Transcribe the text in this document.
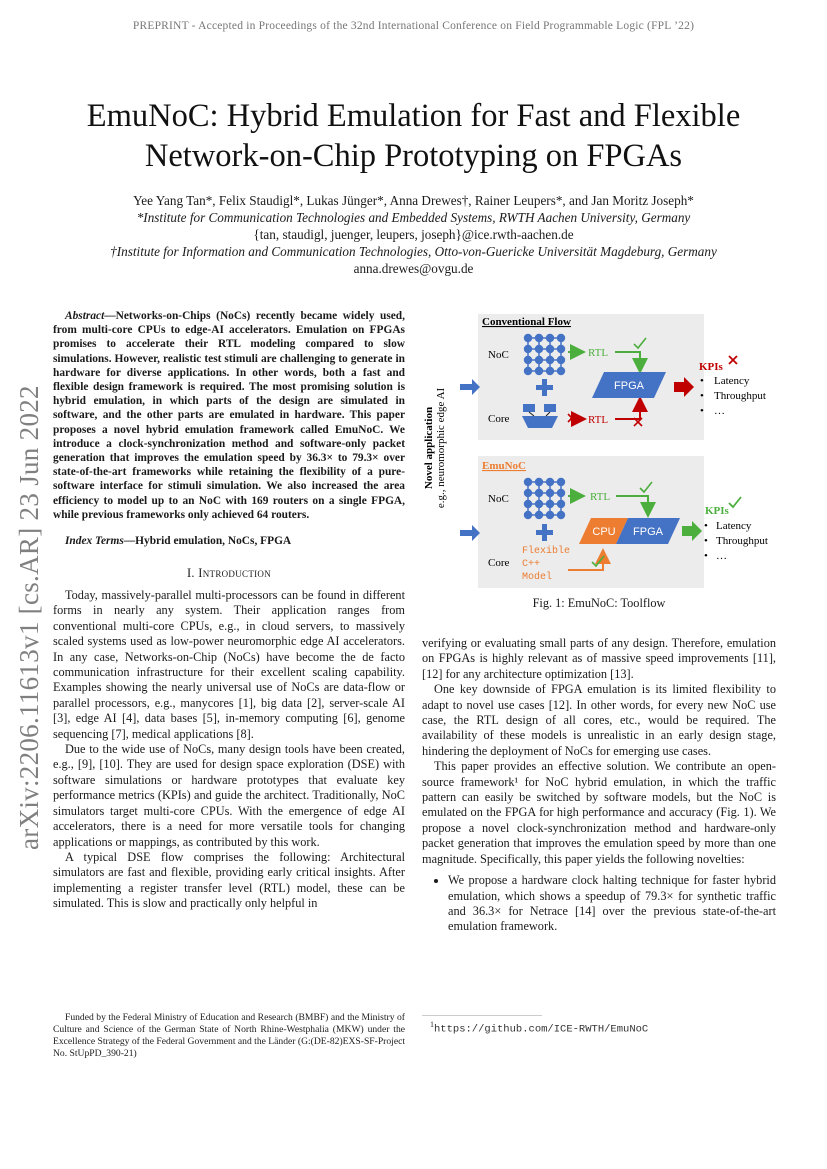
PREPRINT - Accepted in Proceedings of the 32nd International Conference on Field Programmable Logic (FPL ’22)
EmuNoC: Hybrid Emulation for Fast and Flexible
Network-on-Chip Prototyping on FPGAs
Yee Yang Tan*, Felix Staudigl*, Lukas Jünger*, Anna Drewes†, Rainer Leupers*, and Jan Moritz Joseph*
*Institute for Communication Technologies and Embedded Systems, RWTH Aachen University, Germany
{tan, staudigl, juenger, leupers, joseph}@ice.rwth-aachen.de
†Institute for Information and Communication Technologies, Otto-von-Guericke Universität Magdeburg, Germany
anna.drewes@ovgu.de
arXiv:2206.11613v1 [cs.AR] 23 Jun 2022

Abstract—Networks-on-Chips (NoCs) recently became widely used, from multi-core CPUs to edge-AI accelerators. Emulation on FPGAs promises to accelerate their RTL modeling compared to slow simulations. However, realistic test stimuli are challenging to generate in hardware for diverse applications. In other words, both a fast and flexible design framework is required. The most promising solution is hybrid emulation, in which parts of the design are simulated in software, and the other parts are emulated in hardware. This paper proposes a novel hybrid emulation framework called EmuNoC. We introduce a clock-synchronization method and software-only packet generation that improves the emulation speed by 36.3× to 79.3× over state-of-the-art frameworks while retaining the flexibility of a pure-software interface for stimuli simulation. We also increased the area efficiency to model up to an NoC with 169 routers on a single FPGA, while previous frameworks only achieved 64 routers.

Index Terms—Hybrid emulation, NoCs, FPGA

I. Introduction

Today, massively-parallel multi-processors can be found in different forms in nearly any system. Their application ranges from conventional multi-core CPUs, e.g., in cloud servers, to massively scaled systems used as low-power neuromorphic edge AI accelerators. In any case, Networks-on-Chip (NoCs) have become the de facto communication infrastructure for their excellent scaling capability. Examples showing the nearly universal use of NoCs are data-flow or parallel processors, e.g., manycores [1], big data [2], server-scale AI [3], edge AI [4], data bases [5], in-memory computing [6], genome sequencing [7], medical applications [8].

Due to the wide use of NoCs, many design tools have been created, e.g., [9], [10]. They are used for design space exploration (DSE) with software simulations or hardware prototypes that evaluate key performance metrics (KPIs) and guide the architect. Traditionally, NoC simulators target multi-core CPUs. With the emergence of edge AI accelerators, there is a need for more versatile tools for changing applications or mappings, as contributed by this work.

A typical DSE flow comprises the following: Architectural simulators are fast and flexible, providing early critical insights. After implementing a register transfer level (RTL) model, these can be simulated. This is slow and practically only helpful in

Funded by the Federal Ministry of Education and Research (BMBF) and the Ministry of Culture and Science of the German State of North Rhine-Westphalia (MKW) under the Excellence Strategy of the Federal Government and the Länder (G:(DE-82)EXS-SF-Project No. StUpPD_390-21)
Novel application e.g., neuromorphic edge AI
Conventional Flow
NoC
Core
RTL
RTL
FPGA
KPIs
• Latency
• Throughput
• …
EmuNoC
NoC
Core
Flexible
C++
Model
RTL
CPU FPGA
KPIs
• Latency
• Throughput
• …
Fig. 1: EmuNoC: Toolflow

verifying or evaluating small parts of any design. Therefore, emulation on FPGAs is highly relevant as of massive speed improvements [11], [12] for any architecture optimization [13].

One key downside of FPGA emulation is its limited flexibility to adapt to novel use cases [12]. In other words, for every new NoC use case, the RTL design of all cores, etc., would be required. The availability of these models is unrealistic in an early design stage, hindering the deployment of NoCs for emerging use cases.

This paper provides an effective solution. We contribute an open-source framework¹ for NoC hybrid emulation, in which the traffic pattern can easily be switched by software models, but the NoC is emulated on the FPGA for high performance and accuracy (Fig. 1). We propose a novel clock-synchronization method and hardware-only packet generation that improves the emulation speed by more than one magnitude. Specifically, this paper yields the following novelties:

• We propose a hardware clock halting technique for faster hybrid emulation, which shows a speedup of 79.3× for synthetic traffic and 36.3× for Netrace [14] over the previous state-of-the-art emulation framework.
$^1$https://github.com/ICE-RWTH/EmuNoC
